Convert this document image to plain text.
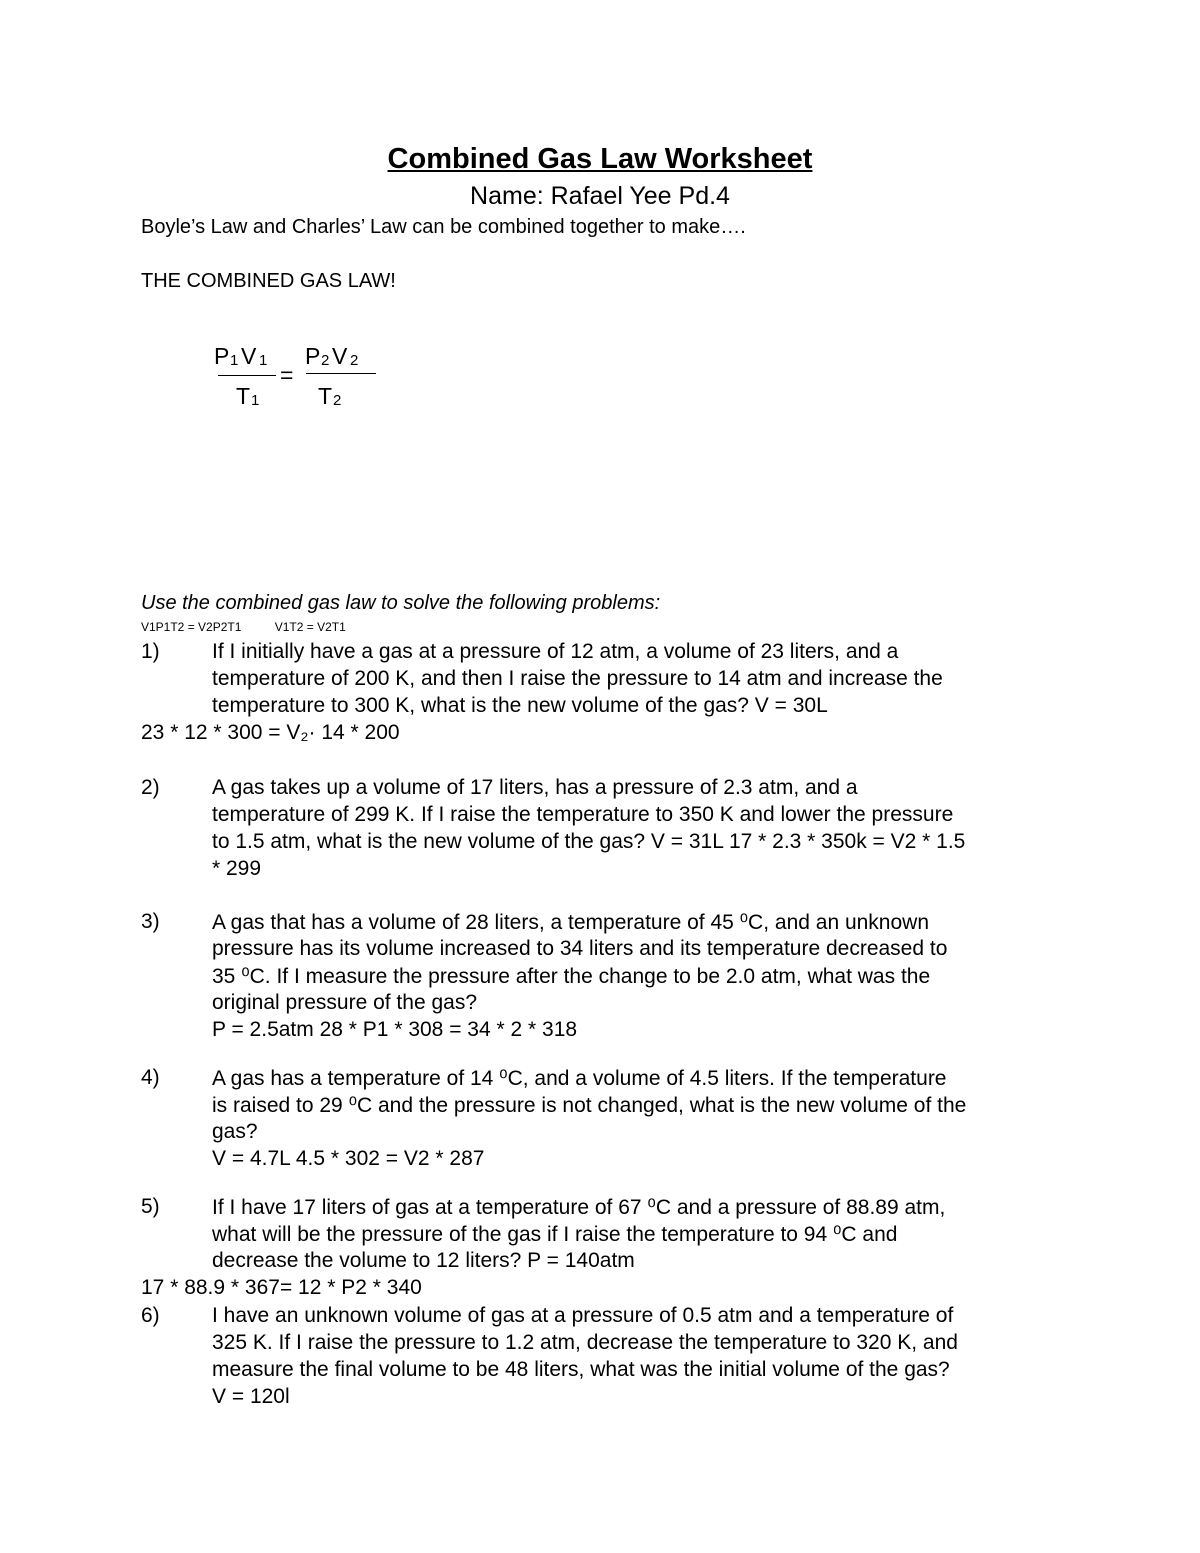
Combined Gas Law Worksheet
Name: Rafael Yee Pd.4
Boyle’s Law and Charles’ Law can be combined together to make….
THE COMBINED GAS LAW!
P 1 V 1
T 1
=
P 2 V 2
T 2
Use the combined gas law to solve the following problems:
V1P1T2 = V2P2T1          V1T2 = V2T1
1) If I initially have a gas at a pressure of 12 atm, a volume of 23 liters, and a
temperature of 200 K, and then I raise the pressure to 14 atm and increase the
temperature to 300 K, what is the new volume of the gas? V = 30L
23 * 12 * 300 = V₂· 14 * 200
2) A gas takes up a volume of 17 liters, has a pressure of 2.3 atm, and a
temperature of 299 K. If I raise the temperature to 350 K and lower the pressure
to 1.5 atm, what is the new volume of the gas? V = 31L 17 * 2.3 * 350k = V2 * 1.5
* 299
3) A gas that has a volume of 28 liters, a temperature of 45 ⁰C, and an unknown
pressure has its volume increased to 34 liters and its temperature decreased to
35 ⁰C. If I measure the pressure after the change to be 2.0 atm, what was the
original pressure of the gas?
P = 2.5atm 28 * P1 * 308 = 34 * 2 * 318
4) A gas has a temperature of 14 ⁰C, and a volume of 4.5 liters. If the temperature
is raised to 29 ⁰C and the pressure is not changed, what is the new volume of the
gas?
V = 4.7L 4.5 * 302 = V2 * 287
5) If I have 17 liters of gas at a temperature of 67 ⁰C and a pressure of 88.89 atm,
what will be the pressure of the gas if I raise the temperature to 94 ⁰C and
decrease the volume to 12 liters? P = 140atm
17 * 88.9 * 367= 12 * P2 * 340
6) I have an unknown volume of gas at a pressure of 0.5 atm and a temperature of
325 K. If I raise the pressure to 1.2 atm, decrease the temperature to 320 K, and
measure the final volume to be 48 liters, what was the initial volume of the gas?
V = 120l
